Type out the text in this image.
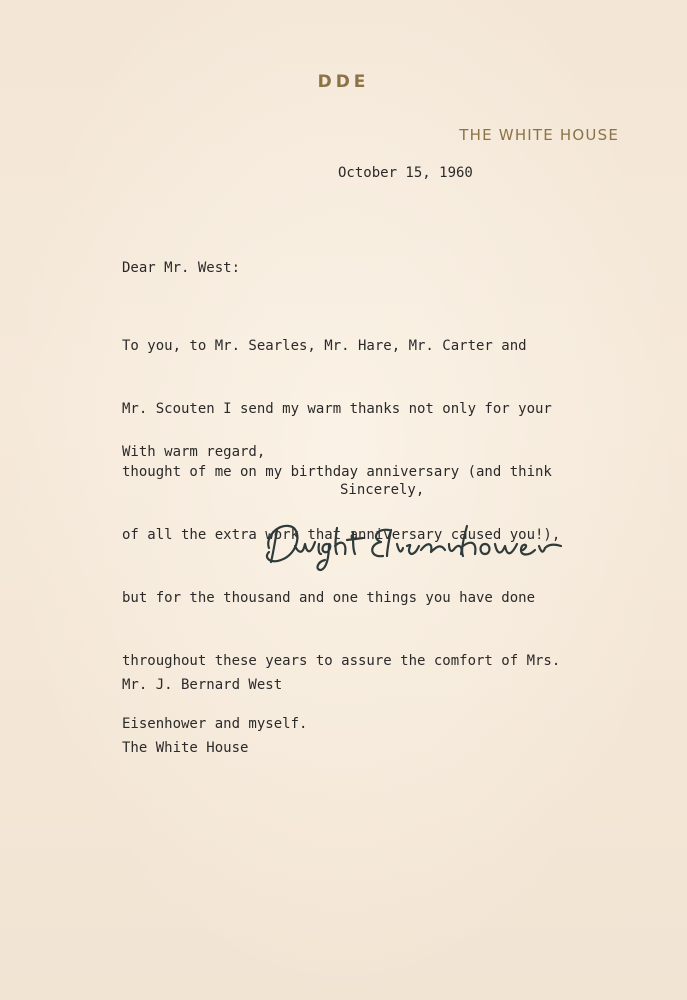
DDE
THE WHITE HOUSE
October 15, 1960
Dear Mr. West:

To you, to Mr. Searles, Mr. Hare, Mr. Carter and

Mr. Scouten I send my warm thanks not only for your

thought of me on my birthday anniversary (and think

of all the extra work that anniversary caused you!),

but for the thousand and one things you have done

throughout these years to assure the comfort of Mrs.

Eisenhower and myself.

With warm regard,
Sincerely,

Mr. J. Bernard West

The White House
